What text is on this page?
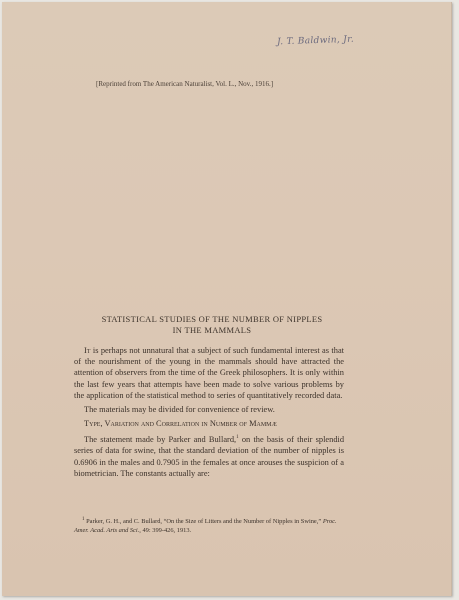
J. T. Baldwin, Jr.
[Reprinted from The American Naturalist, Vol. L., Nov., 1916.]
STATISTICAL STUDIES OF THE NUMBER OF NIPPLES
IN THE MAMMALS

It is perhaps not unnatural that a subject of such fundamental interest as that of the nourishment of the young in the mammals should have attracted the attention of observers from the time of the Greek philosophers. It is only within the last few years that attempts have been made to solve various problems by the application of the statistical method to series of quantitatively recorded data.

The materials may be divided for convenience of review.

Type, Variation and Correlation in Number of Mammæ

The statement made by Parker and Bullard,$^1$ on the basis of their splendid series of data for swine, that the standard deviation of the number of nipples is 0.6906 in the males and 0.7905 in the females at once arouses the suspicion of a biometrician. The constants actually are:

$^1$ Parker, G. H., and C. Bullard, “On the Size of Litters and the Number of Nipples in Swine,” Proc. Amer. Acad. Arts and Sci., 49: 399-426, 1913.
